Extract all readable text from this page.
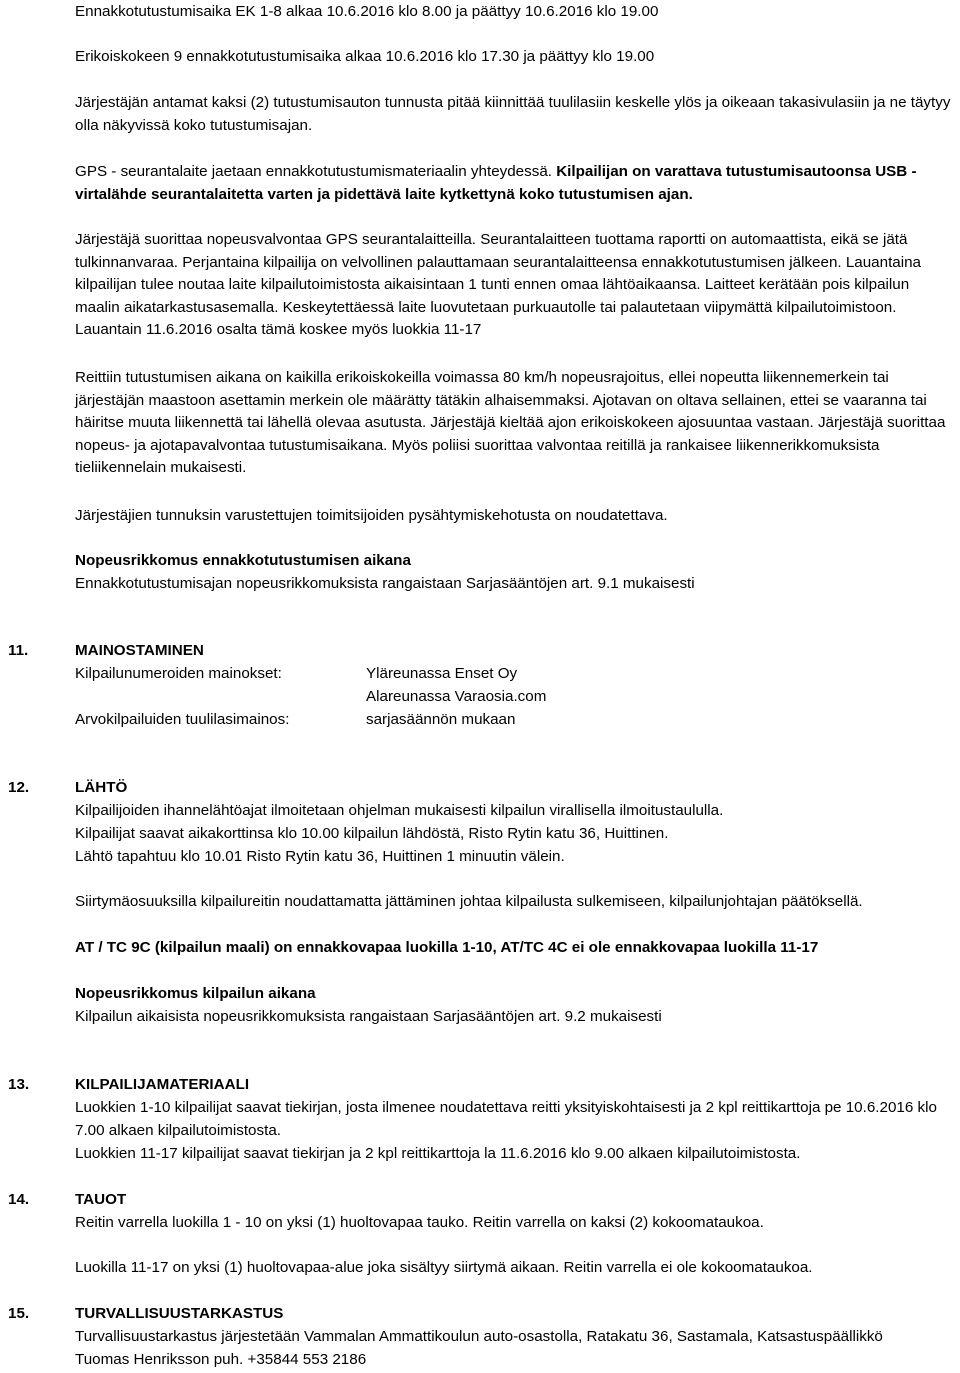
Ennakkotutustumisaika EK 1-8 alkaa 10.6.2016 klo 8.00 ja päättyy 10.6.2016 klo 19.00

Erikoiskokeen 9 ennakkotutustumisaika alkaa 10.6.2016 klo 17.30 ja päättyy klo 19.00

Järjestäjän antamat kaksi (2) tutustumisauton tunnusta pitää kiinnittää tuulilasiin keskelle ylös ja oikeaan takasivulasiin ja ne täytyy olla näkyvissä koko tutustumisajan.

GPS - seurantalaite jaetaan ennakkotutustumismateriaalin yhteydessä. Kilpailijan on varattava tutustumisautoonsa USB - virtalähde seurantalaitetta varten ja pidettävä laite kytkettynä koko tutustumisen ajan.

Järjestäjä suorittaa nopeusvalvontaa GPS seurantalaitteilla. Seurantalaitteen tuottama raportti on automaattista, eikä se jätä tulkinnanvaraa. Perjantaina kilpailija on velvollinen palauttamaan seurantalaitteensa ennakkotutustumisen jälkeen. Lauantaina kilpailijan tulee noutaa laite kilpailutoimistosta aikaisintaan 1 tunti ennen omaa lähtöaikaansa. Laitteet kerätään pois kilpailun maalin aikatarkastusasemalla. Keskeytettäessä laite luovutetaan purkuautolle tai palautetaan viipymättä kilpailutoimistoon. Lauantain 11.6.2016 osalta tämä koskee myös luokkia 11-17

Reittiin tutustumisen aikana on kaikilla erikoiskokeilla voimassa 80 km/h nopeusrajoitus, ellei nopeutta liikennemerkein tai järjestäjän maastoon asettamin merkein ole määrätty tätäkin alhaisemmaksi. Ajotavan on oltava sellainen, ettei se vaaranna tai häiritse muuta liikennettä tai lähellä olevaa asutusta. Järjestäjä kieltää ajon erikoiskokeen ajosuuntaa vastaan. Järjestäjä suorittaa nopeus- ja ajotapavalvontaa tutustumisaikana. Myös poliisi suorittaa valvontaa reitillä ja rankaisee liikennerikkomuksista tieliikennelain mukaisesti.

Järjestäjien tunnuksin varustettujen toimitsijoiden pysähtymiskehotusta on noudatettava.

Nopeusrikkomus ennakkotutustumisen aikana

Ennakkotutustumisajan nopeusrikkomuksista rangaistaan Sarjasääntöjen art. 9.1 mukaisesti

11.	MAINOSTAMINEN

Kilpailunumeroiden mainokset:	Yläreunassa Enset Oy
Alareunassa Varaosia.com
Arvokilpailuiden tuulilasimainos:	sarjasäännön mukaan
12.	LÄHTÖ

Kilpailijoiden ihannelähtöajat ilmoitetaan ohjelman mukaisesti kilpailun virallisella ilmoitustaululla.

Kilpailijat saavat aikakorttinsa klo 10.00 kilpailun lähdöstä, Risto Rytin katu 36, Huittinen.

Lähtö tapahtuu klo 10.01 Risto Rytin katu 36, Huittinen 1 minuutin välein.

Siirtymäosuuksilla kilpailureitin noudattamatta jättäminen johtaa kilpailusta sulkemiseen, kilpailunjohtajan päätöksellä.

AT / TC 9C (kilpailun maali) on ennakkovapaa luokilla 1-10, AT/TC 4C ei ole ennakkovapaa luokilla 11-17

Nopeusrikkomus kilpailun aikana

Kilpailun aikaisista nopeusrikkomuksista rangaistaan Sarjasääntöjen art. 9.2 mukaisesti

13.	KILPAILIJAMATERIAALI

Luokkien 1-10 kilpailijat saavat tiekirjan, josta ilmenee noudatettava reitti yksityiskohtaisesti ja 2 kpl reittikarttoja pe 10.6.2016 klo 7.00 alkaen kilpailutoimistosta.

Luokkien 11-17 kilpailijat saavat tiekirjan ja 2 kpl reittikarttoja la 11.6.2016 klo 9.00 alkaen kilpailutoimistosta.

14.	TAUOT

Reitin varrella luokilla 1 - 10 on yksi (1) huoltovapaa tauko. Reitin varrella on kaksi (2) kokoomataukoa.

Luokilla 11-17 on yksi (1) huoltovapaa-alue joka sisältyy siirtymä aikaan. Reitin varrella ei ole kokoomataukoa.

15.	TURVALLISUUSTARKASTUS

Turvallisuustarkastus järjestetään Vammalan Ammattikoulun auto-osastolla, Ratakatu 36, Sastamala, Katsastuspäällikkö

Tuomas Henriksson puh. +35844 553 2186
